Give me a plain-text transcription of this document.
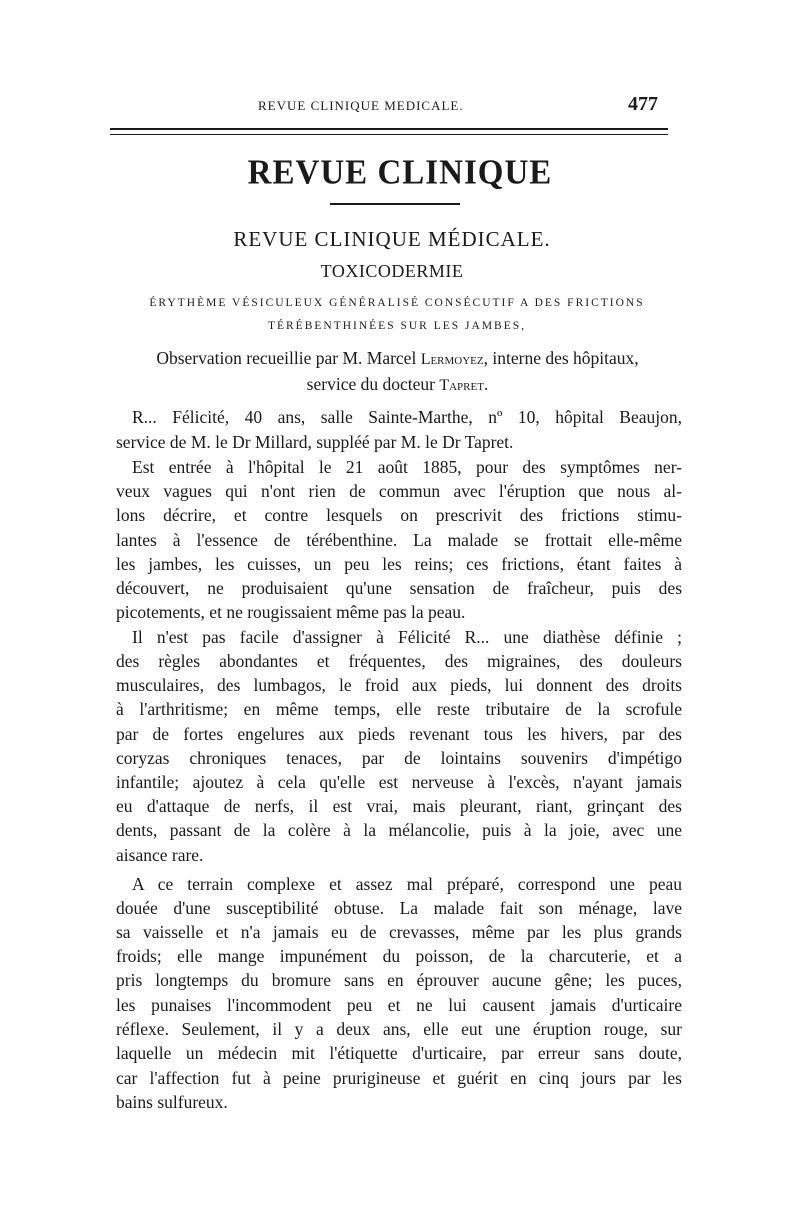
REVUE CLINIQUE MEDICALE.	477
REVUE CLINIQUE
REVUE CLINIQUE MÉDICALE.
TOXICODERMIE
ÉRYTHÈME VÉSICULEUX GÉNÉRALISÉ CONSÉCUTIF A DES FRICTIONS
TÉRÉBENTHINÉES SUR LES JAMBES,
Observation recueillie par M. Marcel Lermoyez, interne des hôpitaux,
service du docteur Tapret.
R... Félicité, 40 ans, salle Sainte-Marthe, nº 10, hôpital Beaujon,
service de M. le Dr Millard, suppléé par M. le Dr Tapret.
Est entrée à l'hôpital le 21 août 1885, pour des symptômes ner-
veux vagues qui n'ont rien de commun avec l'éruption que nous al-
lons décrire, et contre lesquels on prescrivit des frictions stimu-
lantes à l'essence de térébenthine. La malade se frottait elle-même
les jambes, les cuisses, un peu les reins; ces frictions, étant faites à
découvert, ne produisaient qu'une sensation de fraîcheur, puis des
picotements, et ne rougissaient même pas la peau.
Il n'est pas facile d'assigner à Félicité R... une diathèse définie ;
des règles abondantes et fréquentes, des migraines, des douleurs
musculaires, des lumbagos, le froid aux pieds, lui donnent des droits
à l'arthritisme; en même temps, elle reste tributaire de la scrofule
par de fortes engelures aux pieds revenant tous les hivers, par des
coryzas chroniques tenaces, par de lointains souvenirs d'impétigo
infantile; ajoutez à cela qu'elle est nerveuse à l'excès, n'ayant jamais
eu d'attaque de nerfs, il est vrai, mais pleurant, riant, grinçant des
dents, passant de la colère à la mélancolie, puis à la joie, avec une
aisance rare.
A ce terrain complexe et assez mal préparé, correspond une peau
douée d'une susceptibilité obtuse. La malade fait son ménage, lave
sa vaisselle et n'a jamais eu de crevasses, même par les plus grands
froids; elle mange impunément du poisson, de la charcuterie, et a
pris longtemps du bromure sans en éprouver aucune gêne; les puces,
les punaises l'incommodent peu et ne lui causent jamais d'urticaire
réflexe. Seulement, il y a deux ans, elle eut une éruption rouge, sur
laquelle un médecin mit l'étiquette d'urticaire, par erreur sans doute,
car l'affection fut à peine prurigineuse et guérit en cinq jours par les
bains sulfureux.
